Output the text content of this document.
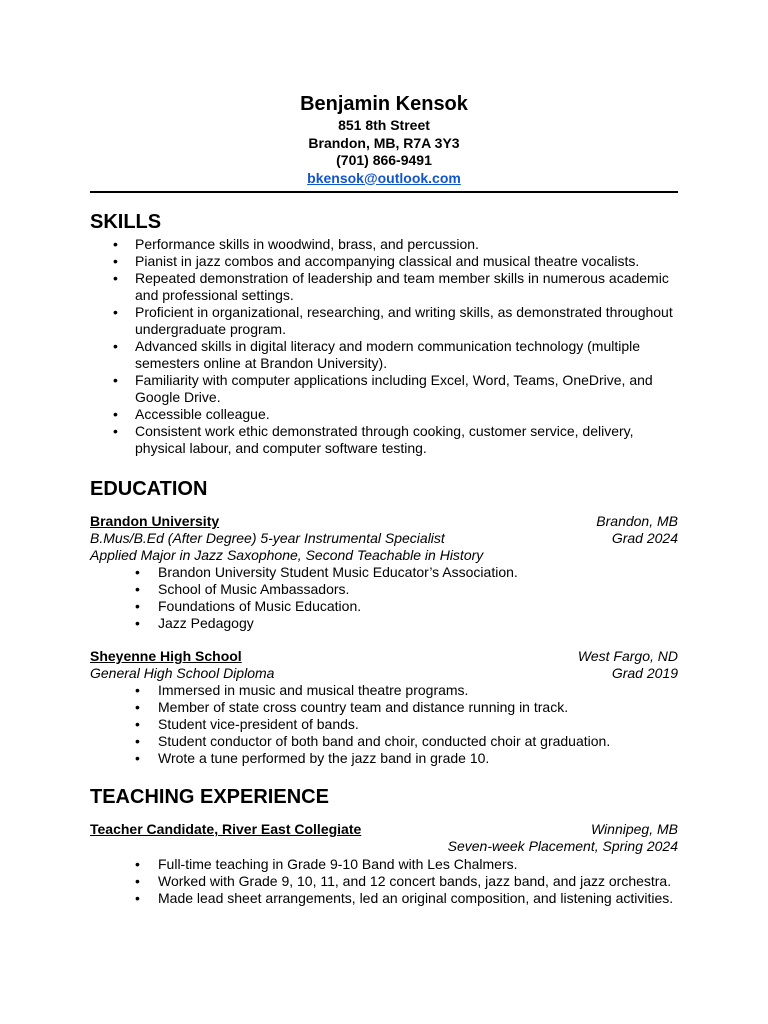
Benjamin Kensok
851 8th Street
Brandon, MB, R7A 3Y3
(701) 866-9491
bkensok@outlook.com
SKILLS
• Performance skills in woodwind, brass, and percussion.
• Pianist in jazz combos and accompanying classical and musical theatre vocalists.
• Repeated demonstration of leadership and team member skills in numerous academic
and professional settings.
• Proficient in organizational, researching, and writing skills, as demonstrated throughout
undergraduate program.
• Advanced skills in digital literacy and modern communication technology (multiple
semesters online at Brandon University).
• Familiarity with computer applications including Excel, Word, Teams, OneDrive, and
Google Drive.
• Accessible colleague.
• Consistent work ethic demonstrated through cooking, customer service, delivery,
physical labour, and computer software testing.
EDUCATION
Brandon University	Brandon, MB
B.Mus/B.Ed (After Degree) 5-year Instrumental Specialist	Grad 2024
Applied Major in Jazz Saxophone, Second Teachable in History
• Brandon University Student Music Educator’s Association.
• School of Music Ambassadors.
• Foundations of Music Education.
• Jazz Pedagogy
Sheyenne High School	West Fargo, ND
General High School Diploma	Grad 2019
• Immersed in music and musical theatre programs.
• Member of state cross country team and distance running in track.
• Student vice-president of bands.
• Student conductor of both band and choir, conducted choir at graduation.
• Wrote a tune performed by the jazz band in grade 10.
TEACHING EXPERIENCE
Teacher Candidate, River East Collegiate	Winnipeg, MB
Seven-week Placement, Spring 2024
• Full-time teaching in Grade 9-10 Band with Les Chalmers.
• Worked with Grade 9, 10, 11, and 12 concert bands, jazz band, and jazz orchestra.
• Made lead sheet arrangements, led an original composition, and listening activities.
